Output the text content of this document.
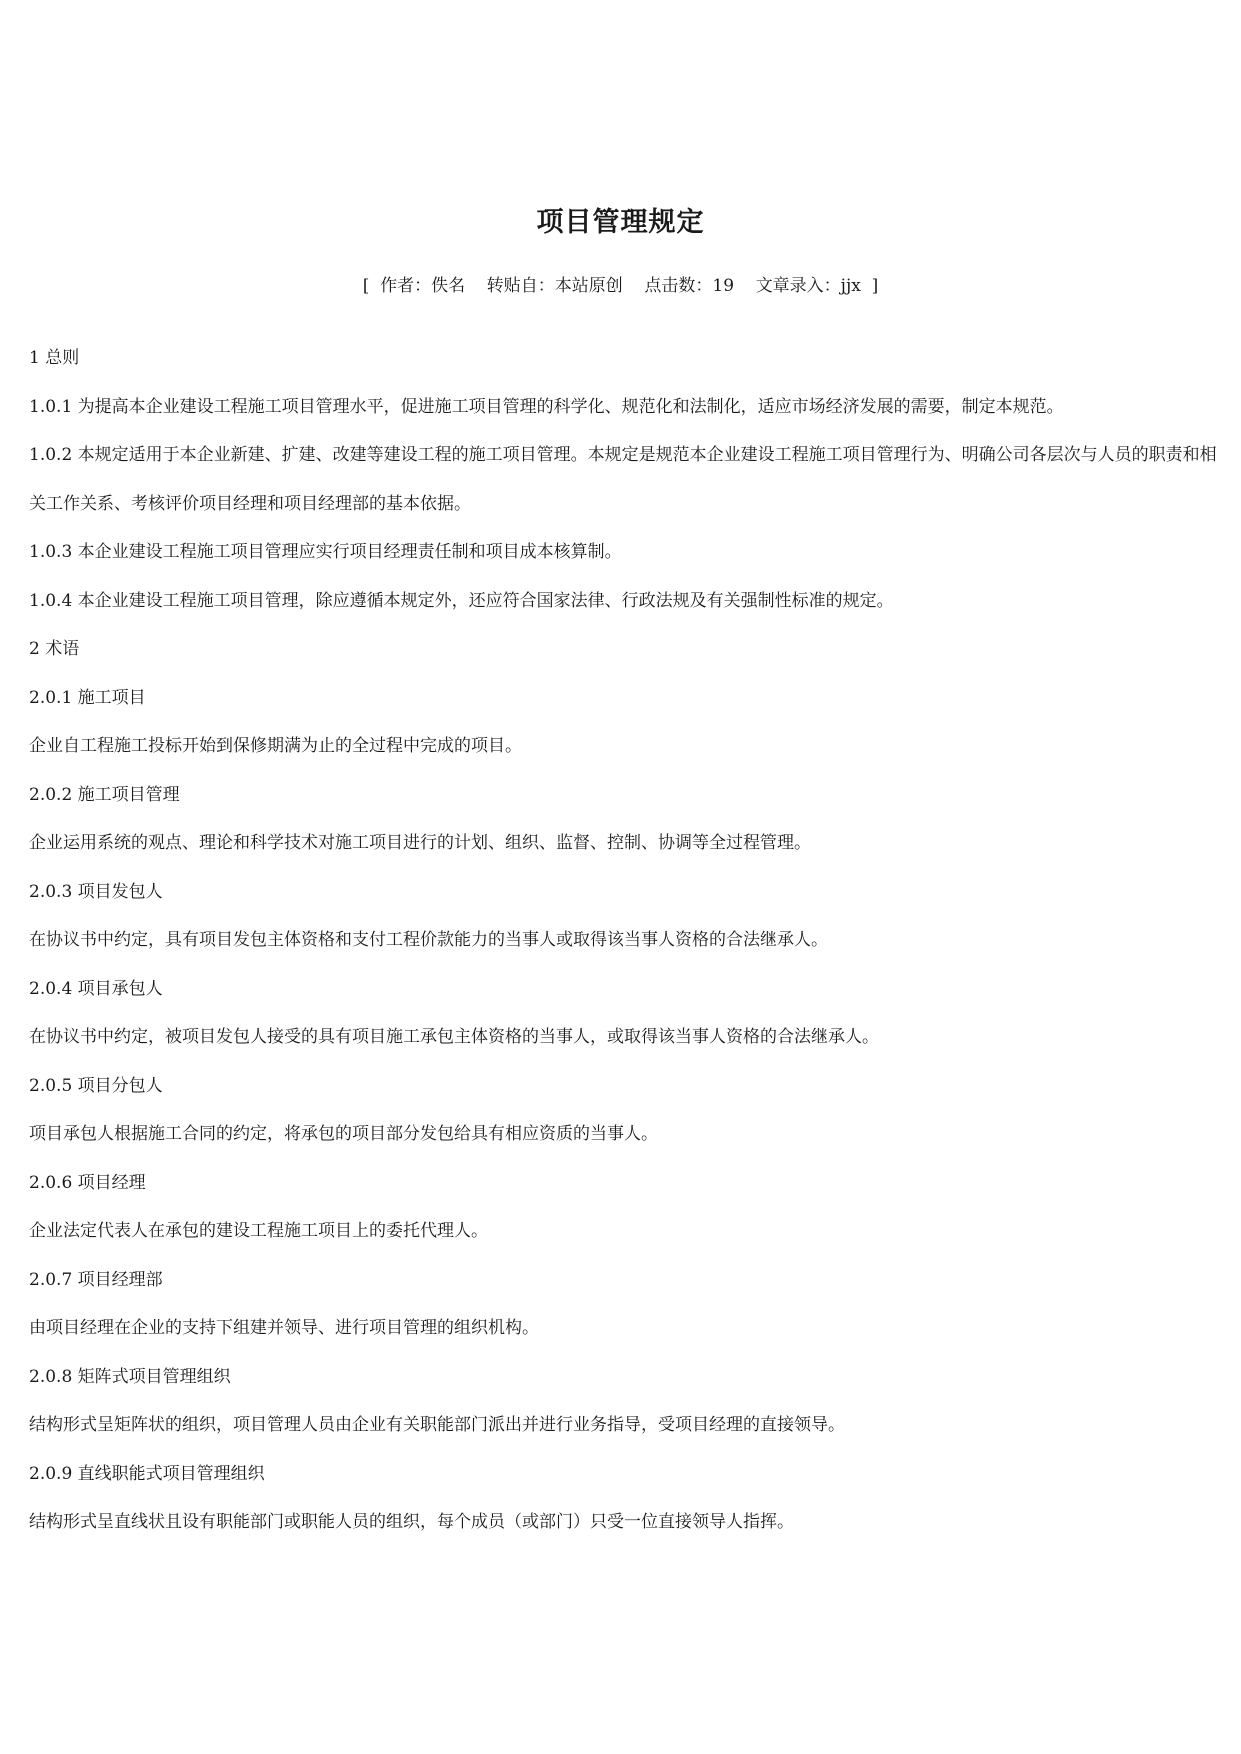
项目管理规定
[ 作者：佚名 转贴自：本站原创 点击数：19 文章录入：jjx ]

1 总则

1.0.1 为提高本企业建设工程施工项目管理水平，促进施工项目管理的科学化、规范化和法制化，适应市场经济发展的需要，制定本规范。

1.0.2 本规定适用于本企业新建、扩建、改建等建设工程的施工项目管理。本规定是规范本企业建设工程施工项目管理行为、明确公司各层次与人员的职责和相关工作关系、考核评价项目经理和项目经理部的基本依据。

1.0.3 本企业建设工程施工项目管理应实行项目经理责任制和项目成本核算制。

1.0.4 本企业建设工程施工项目管理，除应遵循本规定外，还应符合国家法律、行政法规及有关强制性标准的规定。

2 术语

2.0.1 施工项目

企业自工程施工投标开始到保修期满为止的全过程中完成的项目。

2.0.2 施工项目管理

企业运用系统的观点、理论和科学技术对施工项目进行的计划、组织、监督、控制、协调等全过程管理。

2.0.3 项目发包人

在协议书中约定，具有项目发包主体资格和支付工程价款能力的当事人或取得该当事人资格的合法继承人。

2.0.4 项目承包人

在协议书中约定，被项目发包人接受的具有项目施工承包主体资格的当事人，或取得该当事人资格的合法继承人。

2.0.5 项目分包人

项目承包人根据施工合同的约定，将承包的项目部分发包给具有相应资质的当事人。

2.0.6 项目经理

企业法定代表人在承包的建设工程施工项目上的委托代理人。

2.0.7 项目经理部

由项目经理在企业的支持下组建并领导、进行项目管理的组织机构。

2.0.8 矩阵式项目管理组织

结构形式呈矩阵状的组织，项目管理人员由企业有关职能部门派出并进行业务指导，受项目经理的直接领导。

2.0.9 直线职能式项目管理组织

结构形式呈直线状且设有职能部门或职能人员的组织，每个成员（或部门）只受一位直接领导人指挥。
